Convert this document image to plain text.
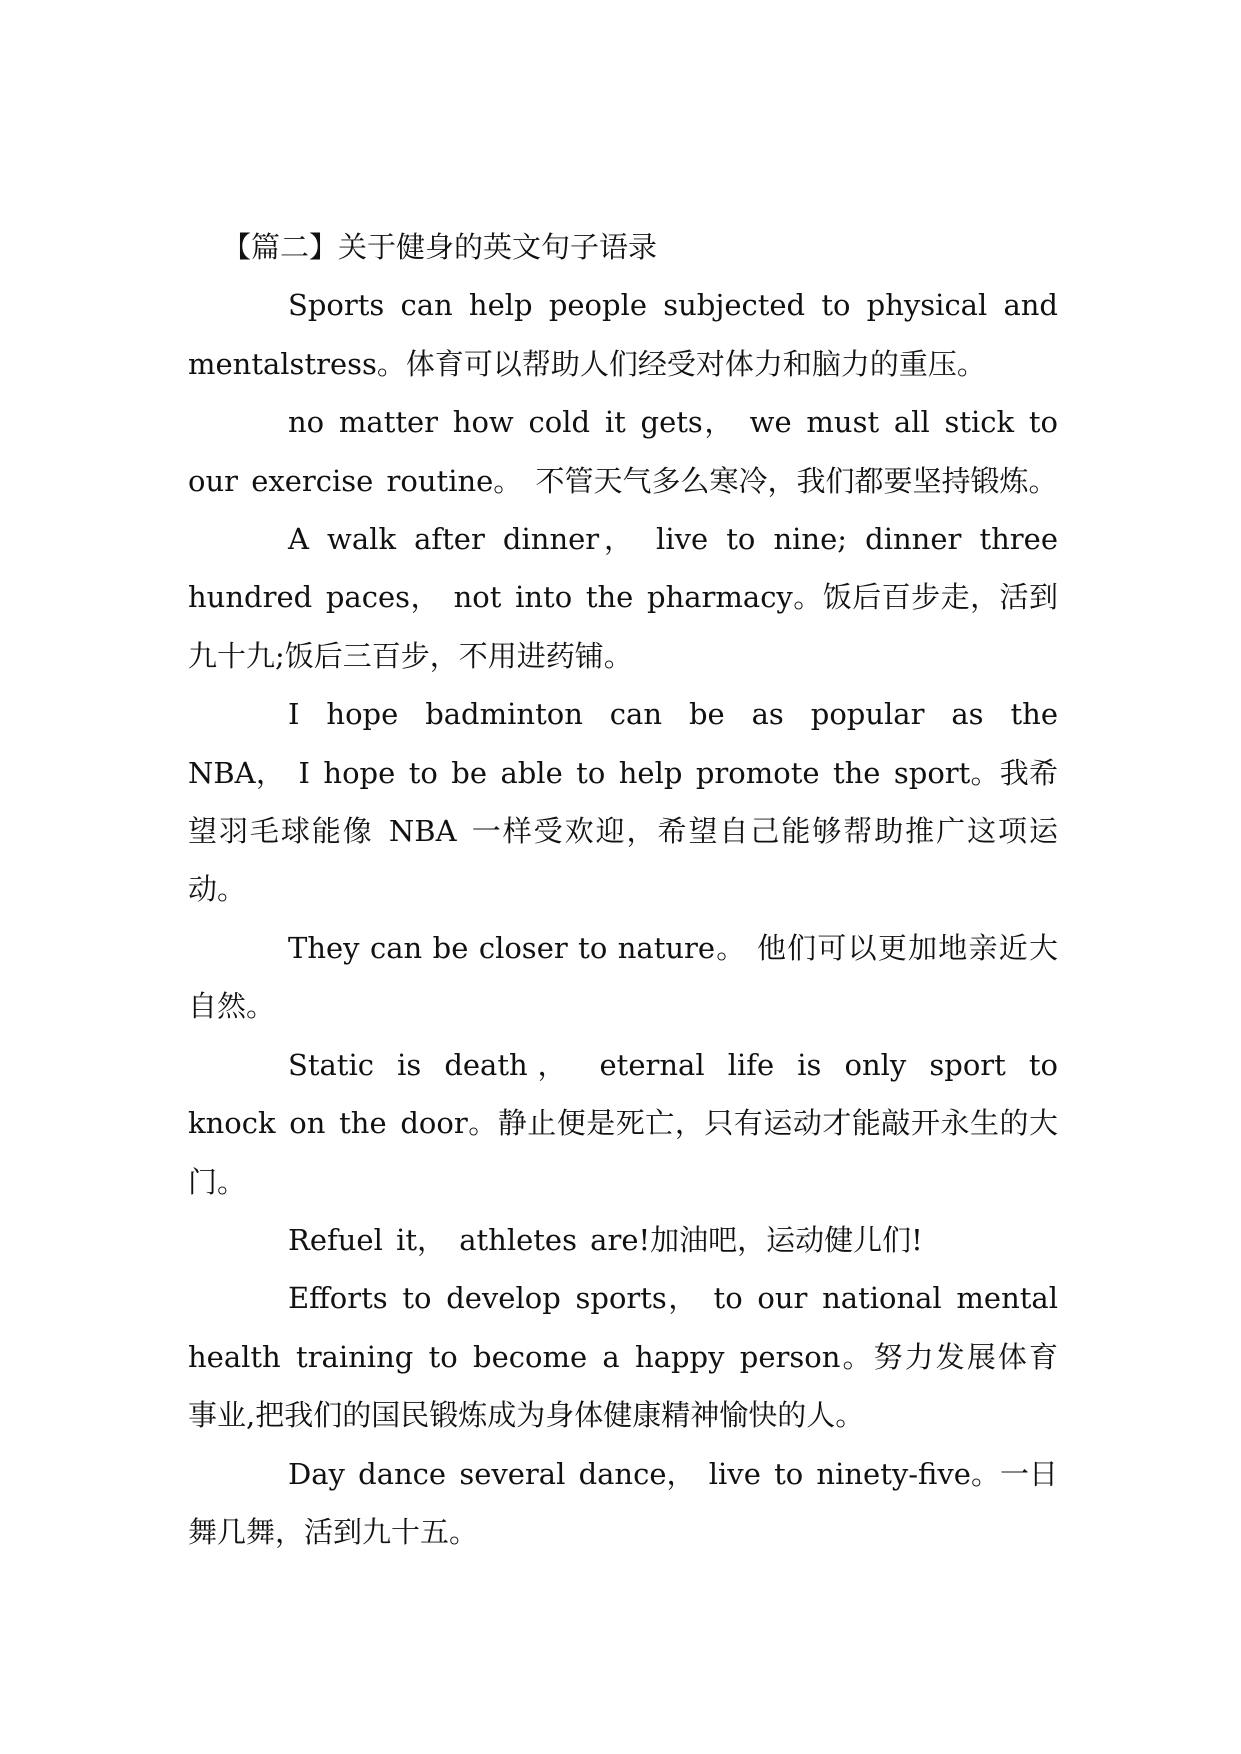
【篇二】关于健身的英文句子语录

Sports can help people subjected to physical and mentalstress。体育可以帮助人们经受对体力和脑力的重压。

no matter how cold it gets， we must all stick to our exercise routine。 不管天气多么寒冷，我们都要坚持锻炼。

A walk after dinner， live to nine; dinner three hundred paces， not into the pharmacy。饭后百步走，活到九十九;饭后三百步，不用进药铺。

I hope badminton can be as popular as the NBA， I hope to be able to help promote the sport。我希望羽毛球能像 NBA 一样受欢迎，希望自己能够帮助推广这项运动。

They can be closer to nature。 他们可以更加地亲近大自然。

Static is death， eternal life is only sport to knock on the door。静止便是死亡，只有运动才能敲开永生的大门。

Refuel it， athletes are!加油吧，运动健儿们!

Efforts to develop sports， to our national mental health training to become a happy person。努力发展体育事业,把我们的国民锻炼成为身体健康精神愉快的人。

Day dance several dance， live to ninety-five。一日舞几舞，活到九十五。
